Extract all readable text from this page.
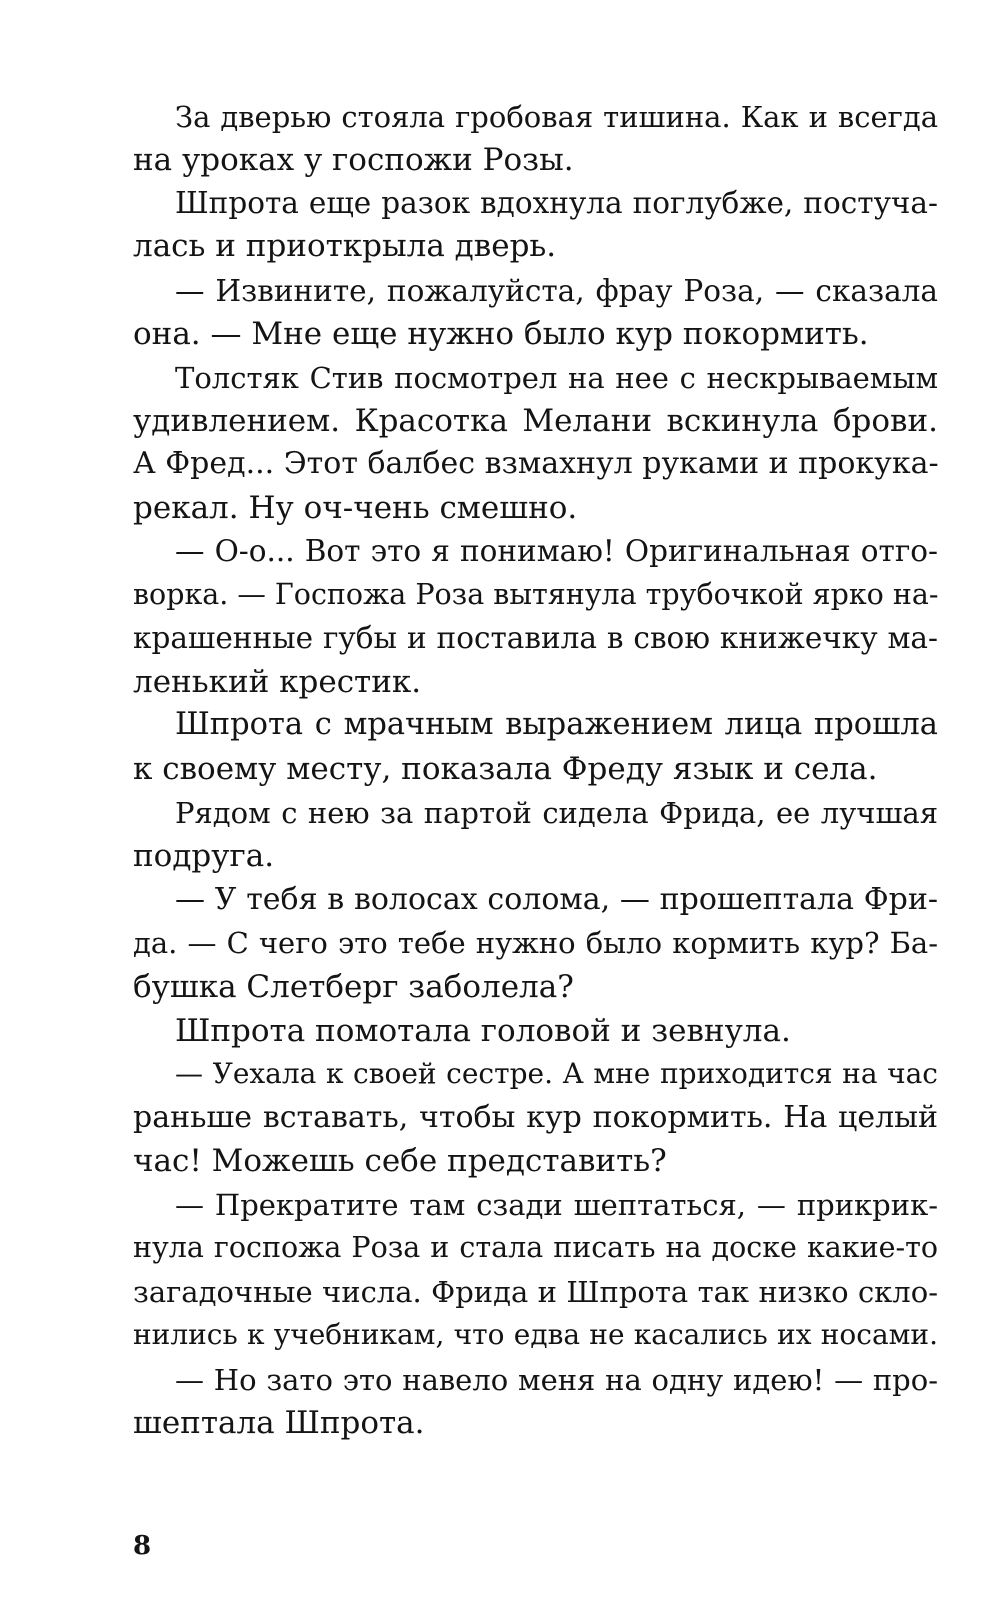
За дверью стояла гробовая тишина. Как и всегда
на уроках у госпожи Розы.
Шпрота еще разок вдохнула поглубже, постуча-
лась и приоткрыла дверь.
— Извините, пожалуйста, фрау Роза, — сказала
она. — Мне еще нужно было кур покормить.
Толстяк Стив посмотрел на нее с нескрываемым
удивлением. Красотка Мелани вскинула брови.
А Фред... Этот балбес взмахнул руками и прокука-
рекал. Ну оч-чень смешно.
— О-о... Вот это я понимаю! Оригинальная отго-
ворка. — Госпожа Роза вытянула трубочкой ярко на-
крашенные губы и поставила в свою книжечку ма-
ленький крестик.
Шпрота с мрачным выражением лица прошла
к своему месту, показала Фреду язык и села.
Рядом с нею за партой сидела Фрида, ее лучшая
подруга.
— У тебя в волосах солома, — прошептала Фри-
да. — С чего это тебе нужно было кормить кур? Ба-
бушка Слетберг заболела?
Шпрота помотала головой и зевнула.
— Уехала к своей сестре. А мне приходится на час
раньше вставать, чтобы кур покормить. На целый
час! Можешь себе представить?
— Прекратите там сзади шептаться, — прикрик-
нула госпожа Роза и стала писать на доске какие-то
загадочные числа. Фрида и Шпрота так низко скло-
нились к учебникам, что едва не касались их носами.
— Но зато это навело меня на одну идею! — про-
шептала Шпрота.
8
